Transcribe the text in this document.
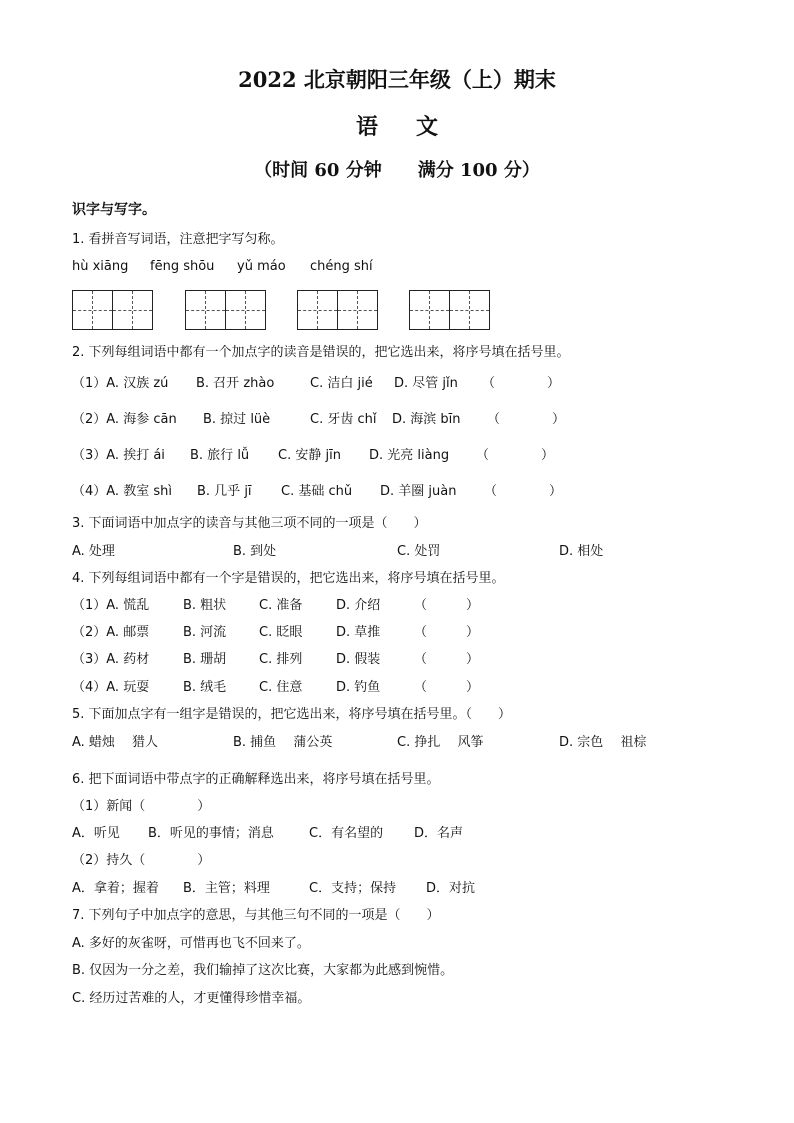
2022 北京朝阳三年级（上）期末
语文
（时间 60 分钟 满分 100 分）
识字与写字。
1. 看拼音写词语，注意把字写匀称。
hù xiāng fēng shōu yǔ máo chéng shí
2. 下列每组词语中都有一个加点字的读音是错误的，把它选出来，将序号填在括号里。
（1）A. 汉族 zú B. 召开 zhào	C. 洁白 jié D. 尽管 jǐn （　　　　）
（2）A. 海参 cān B. 掠过 lüè	C. 牙齿 chǐ D. 海滨 bīn （　　　　）
（3）A. 挨打 ái B. 旅行 lǚ C. 安静 jīn D. 光亮 liàng （　　　　）
（4）A. 教室 shì B. 几乎 jī C. 基础 chǔ D. 羊圈 juàn （　　　　）
3. 下面词语中加点字的读音与其他三项不同的一项是（　　）
A. 处理	B. 到处	C. 处罚	D. 相处
4. 下列每组词语中都有一个字是错误的，把它选出来，将序号填在括号里。
（1）A. 慌乱	B. 粗状	C. 准备	D. 介绍	（　　　）
（2）A. 邮票	B. 河流	C. 眨眼	D. 草推	（　　　）
（3）A. 药材	B. 珊胡	C. 排列	D. 假装	（　　　）
（4）A. 玩耍	B. 绒毛	C. 住意	D. 钓鱼	（　　　）
5. 下面加点字有一组字是错误的，把它选出来，将序号填在括号里。（　　）
A. 蜡烛　 猎人	B. 捕鱼　 蒲公英	C. 挣扎　 风筝	D. 宗色　 祖棕
6. 把下面词语中带点字的正确解释选出来，将序号填在括号里。
（1）新闻（　　　　）
A．听见 B．听见的事情；消息	C．有名望的 D．名声
（2）持久（　　　　）
A．拿着；握着 B．主管；料理	C．支持；保持 D．对抗
7. 下列句子中加点字的意思，与其他三句不同的一项是（　　）
A. 多好的灰雀呀，可惜再也飞不回来了。
B. 仅因为一分之差，我们输掉了这次比赛，大家都为此感到惋惜。
C. 经历过苦难的人，才更懂得珍惜幸福。
